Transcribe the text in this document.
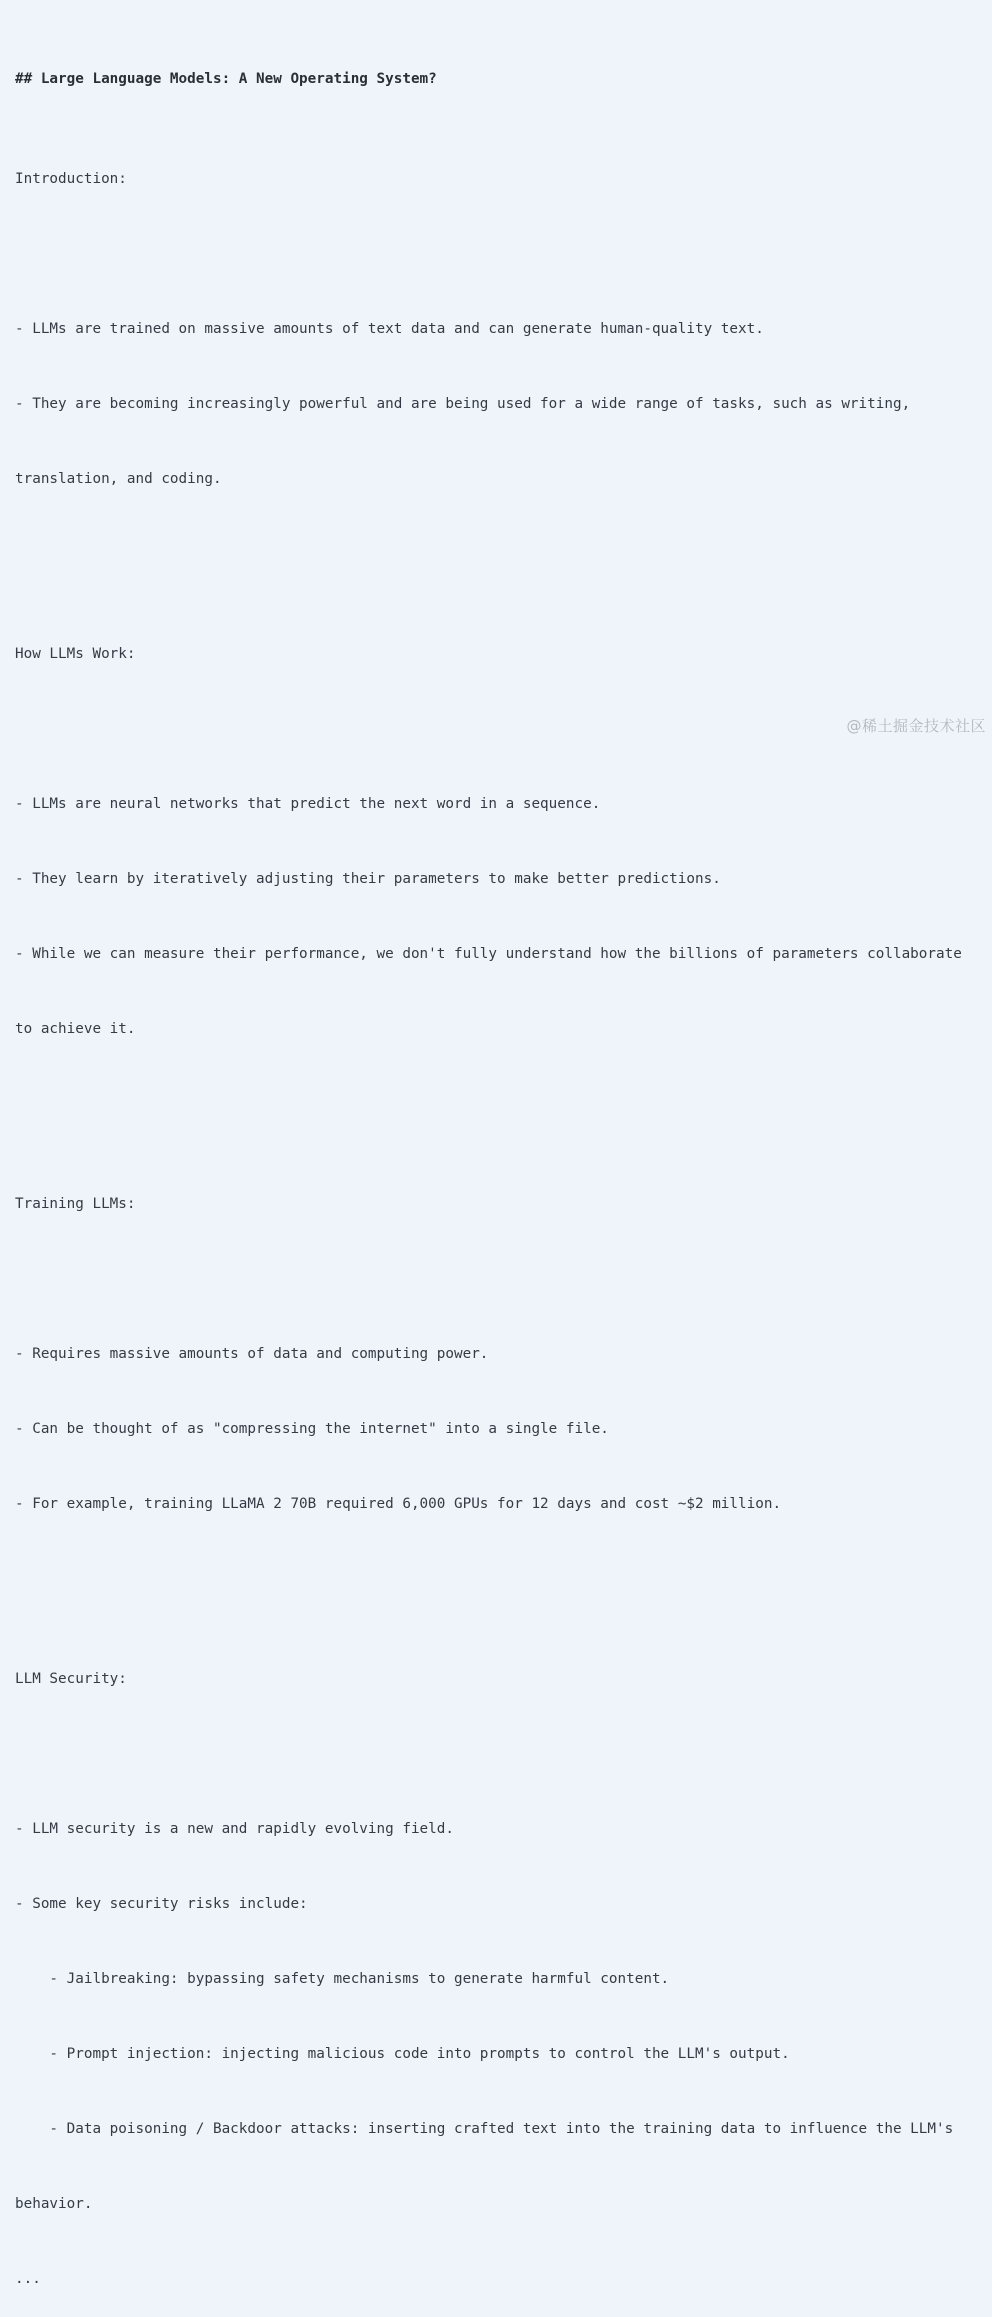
## Large Language Models: A New Operating System?

Introduction:

- LLMs are trained on massive amounts of text data and can generate human-quality text.

- They are becoming increasingly powerful and are being used for a wide range of tasks, such as writing,

translation, and coding.

How LLMs Work:

- LLMs are neural networks that predict the next word in a sequence.

- They learn by iteratively adjusting their parameters to make better predictions.

- While we can measure their performance, we don't fully understand how the billions of parameters collaborate

to achieve it.

Training LLMs:

- Requires massive amounts of data and computing power.

- Can be thought of as "compressing the internet" into a single file.

- For example, training LLaMA 2 70B required 6,000 GPUs for 12 days and cost ~$2 million.

LLM Security:

- LLM security is a new and rapidly evolving field.

- Some key security risks include:

- Jailbreaking: bypassing safety mechanisms to generate harmful content.

- Prompt injection: injecting malicious code into prompts to control the LLM's output.

- Data poisoning / Backdoor attacks: inserting crafted text into the training data to influence the LLM's

behavior.

...

@稀土掘金技术社区
